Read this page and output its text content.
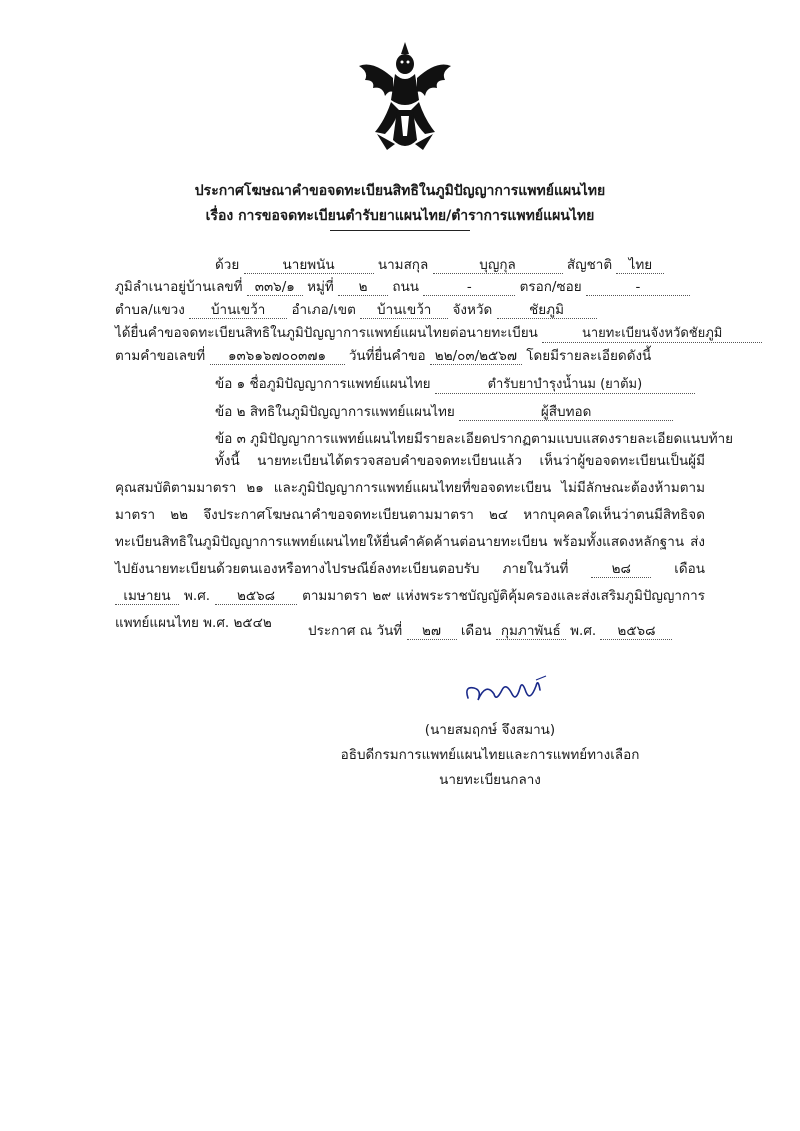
ประกาศโฆษณาคำขอจดทะเบียนสิทธิในภูมิปัญญาการแพทย์แผนไทย
เรื่อง การขอจดทะเบียนตำรับยาแผนไทย/ตำราการแพทย์แผนไทย
ด้วย	นายพนัน	นามสกุล	บุญกุล	สัญชาติ ไทย
ภูมิลำเนาอยู่บ้านเลขที่ ๓๓๖/๑ หมู่ที่ ๒ ถนน	-	ตรอก/ซอย	-
ตำบล/แขวง บ้านเขว้า อำเภอ/เขต บ้านเขว้า จังหวัด	ชัยภูมิ
ได้ยื่นคำขอจดทะเบียนสิทธิในภูมิปัญญาการแพทย์แผนไทยต่อนายทะเบียน	นายทะเบียนจังหวัดชัยภูมิ
ตามคำขอเลขที่ ๑๓๖๑๖๗๐๐๓๗๑ วันที่ยื่นคำขอ ๒๒/๐๓/๒๕๖๗ โดยมีรายละเอียดดังนี้
ข้อ ๑ ชื่อภูมิปัญญาการแพทย์แผนไทย	ตำรับยาบำรุงน้ำนม (ยาต้ม)
ข้อ ๒ สิทธิในภูมิปัญญาการแพทย์แผนไทย	ผู้สืบทอด
ข้อ ๓ ภูมิปัญญาการแพทย์แผนไทยมีรายละเอียดปรากฏตามแบบแสดงรายละเอียดแนบท้าย
ทั้งนี้ นายทะเบียนได้ตรวจสอบคำขอจดทะเบียนแล้ว เห็นว่าผู้ขอจดทะเบียนเป็นผู้มีคุณสมบัติตามมาตรา ๒๑ และภูมิปัญญาการแพทย์แผนไทยที่ขอจดทะเบียน ไม่มีลักษณะต้องห้ามตามมาตรา ๒๒ จึงประกาศโฆษณาคำขอจดทะเบียนตามมาตรา ๒๔ หากบุคคลใดเห็นว่าตนมีสิทธิจดทะเบียนสิทธิในภูมิปัญญาการแพทย์แผนไทยให้ยื่นคำคัดค้านต่อนายทะเบียน พร้อมทั้งแสดงหลักฐาน ส่งไปยังนายทะเบียนด้วยตนเองหรือทางไปรษณีย์ลงทะเบียนตอบรับ ภายในวันที่	๒๘	เดือน เมษายน พ.ศ. ๒๕๖๘ ตามมาตรา ๒๙ แห่งพระราชบัญญัติคุ้มครองและส่งเสริมภูมิปัญญาการแพทย์แผนไทย พ.ศ. ๒๕๔๒	ประกาศ ณ วันที่ ๒๗ เดือน กุมภาพันธ์ พ.ศ. ๒๕๖๘
(นายสมฤกษ์ จึงสมาน)
อธิบดีกรมการแพทย์แผนไทยและการแพทย์ทางเลือก
นายทะเบียนกลาง
